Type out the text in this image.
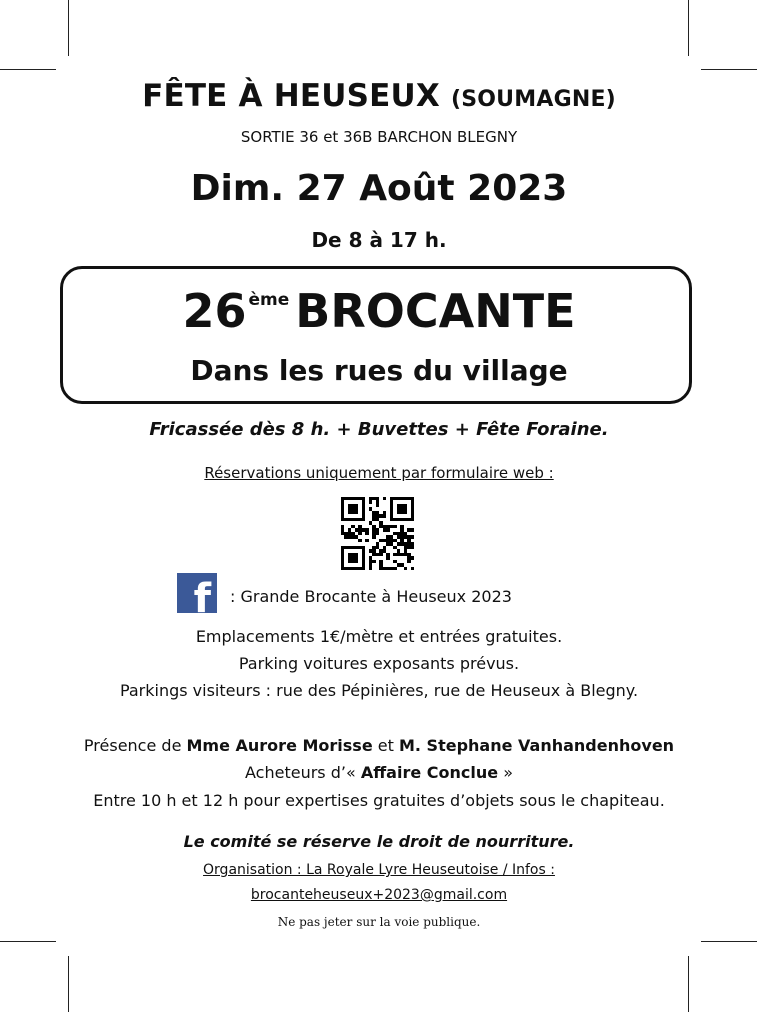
FÊTE À HEUSEUX (SOUMAGNE)
SORTIE 36 et 36B BARCHON BLEGNY
Dim. 27 Août 2023
De 8 à 17 h.
26 $^{ème}$ BROCANTE
Dans les rues du village
Fricassée dès 8 h. + Buvettes + Fête Foraine.
Réservations uniquement par formulaire web :
f : Grande Brocante à Heuseux 2023
Emplacements 1€/mètre et entrées gratuites.
Parking voitures exposants prévus.
Parkings visiteurs : rue des Pépinières, rue de Heuseux à Blegny.
Présence de Mme Aurore Morisse et M. Stephane Vanhandenhoven
Acheteurs d’« Affaire Conclue »
Entre 10 h et 12 h pour expertises gratuites d’objets sous le chapiteau.
Le comité se réserve le droit de nourriture.
Organisation : La Royale Lyre Heuseutoise / Infos :
brocanteheuseux+2023@gmail.com
Ne pas jeter sur la voie publique.
